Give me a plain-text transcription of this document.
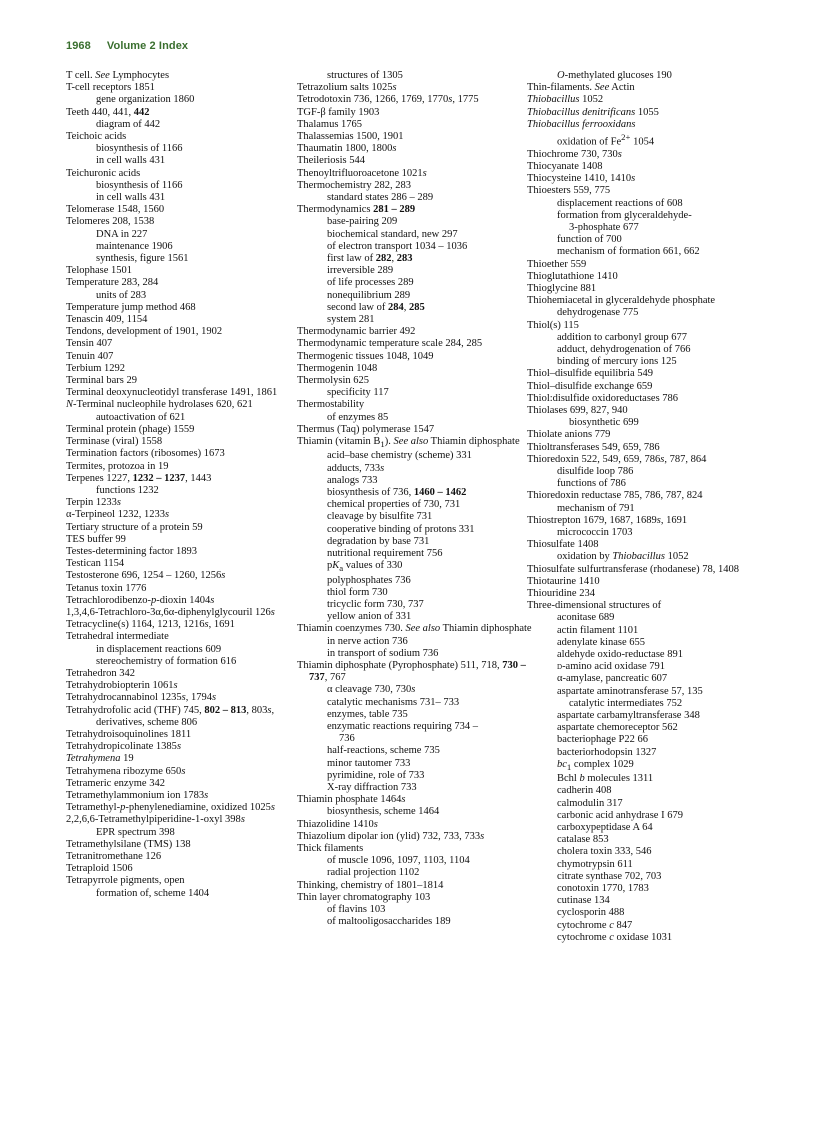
1968 Volume 2 Index
T cell. See Lymphocytes
T-cell receptors 1851
gene organization 1860
Teeth 440, 441, 442
diagram of 442
Teichoic acids
biosynthesis of 1166
in cell walls 431
Teichuronic acids
biosynthesis of 1166
in cell walls 431
Telomerase 1548, 1560
Telomeres 208, 1538
DNA in 227
maintenance 1906
synthesis, figure 1561
Telophase 1501
Temperature 283, 284
units of 283
Temperature jump method 468
Tenascin 409, 1154
Tendons, development of 1901, 1902
Tensin 407
Tenuin 407
Terbium 1292
Terminal bars 29
Terminal deoxynucleotidyl transferase 1491, 1861
N-Terminal nucleophile hydrolases 620, 621
autoactivation of 621
Terminal protein (phage) 1559
Terminase (viral) 1558
Termination factors (ribosomes) 1673
Termites, protozoa in 19
Terpenes 1227, 1232 – 1237, 1443
functions 1232
Terpin 1233s
α-Terpineol 1232, 1233s
Tertiary structure of a protein 59
TES buffer 99
Testes-determining factor 1893
Testican 1154
Testosterone 696, 1254 – 1260, 1256s
Tetanus toxin 1776
Tetrachlorodibenzo-p-dioxin 1404s
1,3,4,6-Tetrachloro-3α,6α-diphenylglycouril 126s
Tetracycline(s) 1164, 1213, 1216s, 1691
Tetrahedral intermediate
in displacement reactions 609
stereochemistry of formation 616
Tetrahedron 342
Tetrahydrobiopterin 1061s
Tetrahydrocannabinol 1235s, 1794s
Tetrahydrofolic acid (THF) 745, 802 – 813, 803s,
derivatives, scheme 806
Tetrahydroisoquinolines 1811
Tetrahydropicolinate 1385s
Tetrahymena 19
Tetrahymena ribozyme 650s
Tetrameric enzyme 342
Tetramethylammonium ion 1783s
Tetramethyl-p-phenylenediamine, oxidized 1025s
2,2,6,6-Tetramethylpiperidine-1-oxyl 398s
EPR spectrum 398
Tetramethylsilane (TMS) 138
Tetranitromethane 126
Tetraploid 1506
Tetrapyrrole pigments, open
formation of, scheme 1404
structures of 1305
Tetrazolium salts 1025s
Tetrodotoxin 736, 1266, 1769, 1770s, 1775
TGF-β family 1903
Thalamus 1765
Thalassemias 1500, 1901
Thaumatin 1800, 1800s
Theileriosis 544
Thenoyltrifluoroacetone 1021s
Thermochemistry 282, 283
standard states 286 – 289
Thermodynamics 281 – 289
base-pairing 209
biochemical standard, new 297
of electron transport 1034 – 1036
first law of 282, 283
irreversible 289
of life processes 289
nonequilibrium 289
second law of 284, 285
system 281
Thermodynamic barrier 492
Thermodynamic temperature scale 284, 285
Thermogenic tissues 1048, 1049
Thermogenin 1048
Thermolysin 625
specificity 117
Thermostability
of enzymes 85
Thermus (Taq) polymerase 1547
Thiamin (vitamin $B_1$). See also Thiamin diphosphate
acid–base chemistry (scheme) 331
adducts, 733s
analogs 733
biosynthesis of 736, 1460 – 1462
chemical properties of 730, 731
cleavage by bisulfite 731
cooperative binding of protons 331
degradation by base 731
nutritional requirement 756
$pK_a$ values of 330
polyphosphates 736
thiol form 730
tricyclic form 730, 737
yellow anion of 331
Thiamin coenzymes 730. See also Thiamin diphosphate
in nerve action 736
in transport of sodium 736
Thiamin diphosphate (Pyrophosphate) 511, 718, 730 – 737, 767
α cleavage 730, 730s
catalytic mechanisms 731– 733
enzymes, table 735
enzymatic reactions requiring 734 –
736
half-reactions, scheme 735
minor tautomer 733
pyrimidine, role of 733
X-ray diffraction 733
Thiamin phosphate 1464s
biosynthesis, scheme 1464
Thiazolidine 1410s
Thiazolium dipolar ion (ylid) 732, 733, 733s
Thick filaments
of muscle 1096, 1097, 1103, 1104
radial projection 1102
Thinking, chemistry of 1801–1814
Thin layer chromatography 103
of flavins 103
of maltooligosaccharides 189
O-methylated glucoses 190
Thin-filaments. See Actin
Thiobacillus 1052
Thiobacillus denitrificans 1055
Thiobacillus ferrooxidans
oxidation of $Fe^{2+}$ 1054
Thiochrome 730, 730s
Thiocyanate 1408
Thiocysteine 1410, 1410s
Thioesters 559, 775
displacement reactions of 608
formation from glyceraldehyde-
3-phosphate 677
function of 700
mechanism of formation 661, 662
Thioether 559
Thioglutathione 1410
Thioglycine 881
Thiohemiacetal in glyceraldehyde phosphate
dehydrogenase 775
Thiol(s) 115
addition to carbonyl group 677
adduct, dehydrogenation of 766
binding of mercury ions 125
Thiol–disulfide equilibria 549
Thiol–disulfide exchange 659
Thiol:disulfide oxidoreductases 786
Thiolases 699, 827, 940
biosynthetic 699
Thiolate anions 779
Thioltransferases 549, 659, 786
Thioredoxin 522, 549, 659, 786s, 787, 864
disulfide loop 786
functions of 786
Thioredoxin reductase 785, 786, 787, 824
mechanism of 791
Thiostrepton 1679, 1687, 1689s, 1691
micrococcin 1703
Thiosulfate 1408
oxidation by Thiobacillus 1052
Thiosulfate sulfurtransferase (rhodanese) 78, 1408
Thiotaurine 1410
Thiouridine 234
Three-dimensional structures of
aconitase 689
actin filament 1101
adenylate kinase 655
aldehyde oxido-reductase 891
d-amino acid oxidase 791
α-amylase, pancreatic 607
aspartate aminotransferase 57, 135
catalytic intermediates 752
aspartate carbamyltransferase 348
aspartate chemoreceptor 562
bacteriophage P22 66
bacteriorhodopsin 1327
$bc_1$ complex 1029
Bchl b molecules 1311
cadherin 408
calmodulin 317
carbonic acid anhydrase I 679
carboxypeptidase A 64
catalase 853
cholera toxin 333, 546
chymotrypsin 611
citrate synthase 702, 703
conotoxin 1770, 1783
cutinase 134
cyclosporin 488
cytochrome c 847
cytochrome c oxidase 1031
